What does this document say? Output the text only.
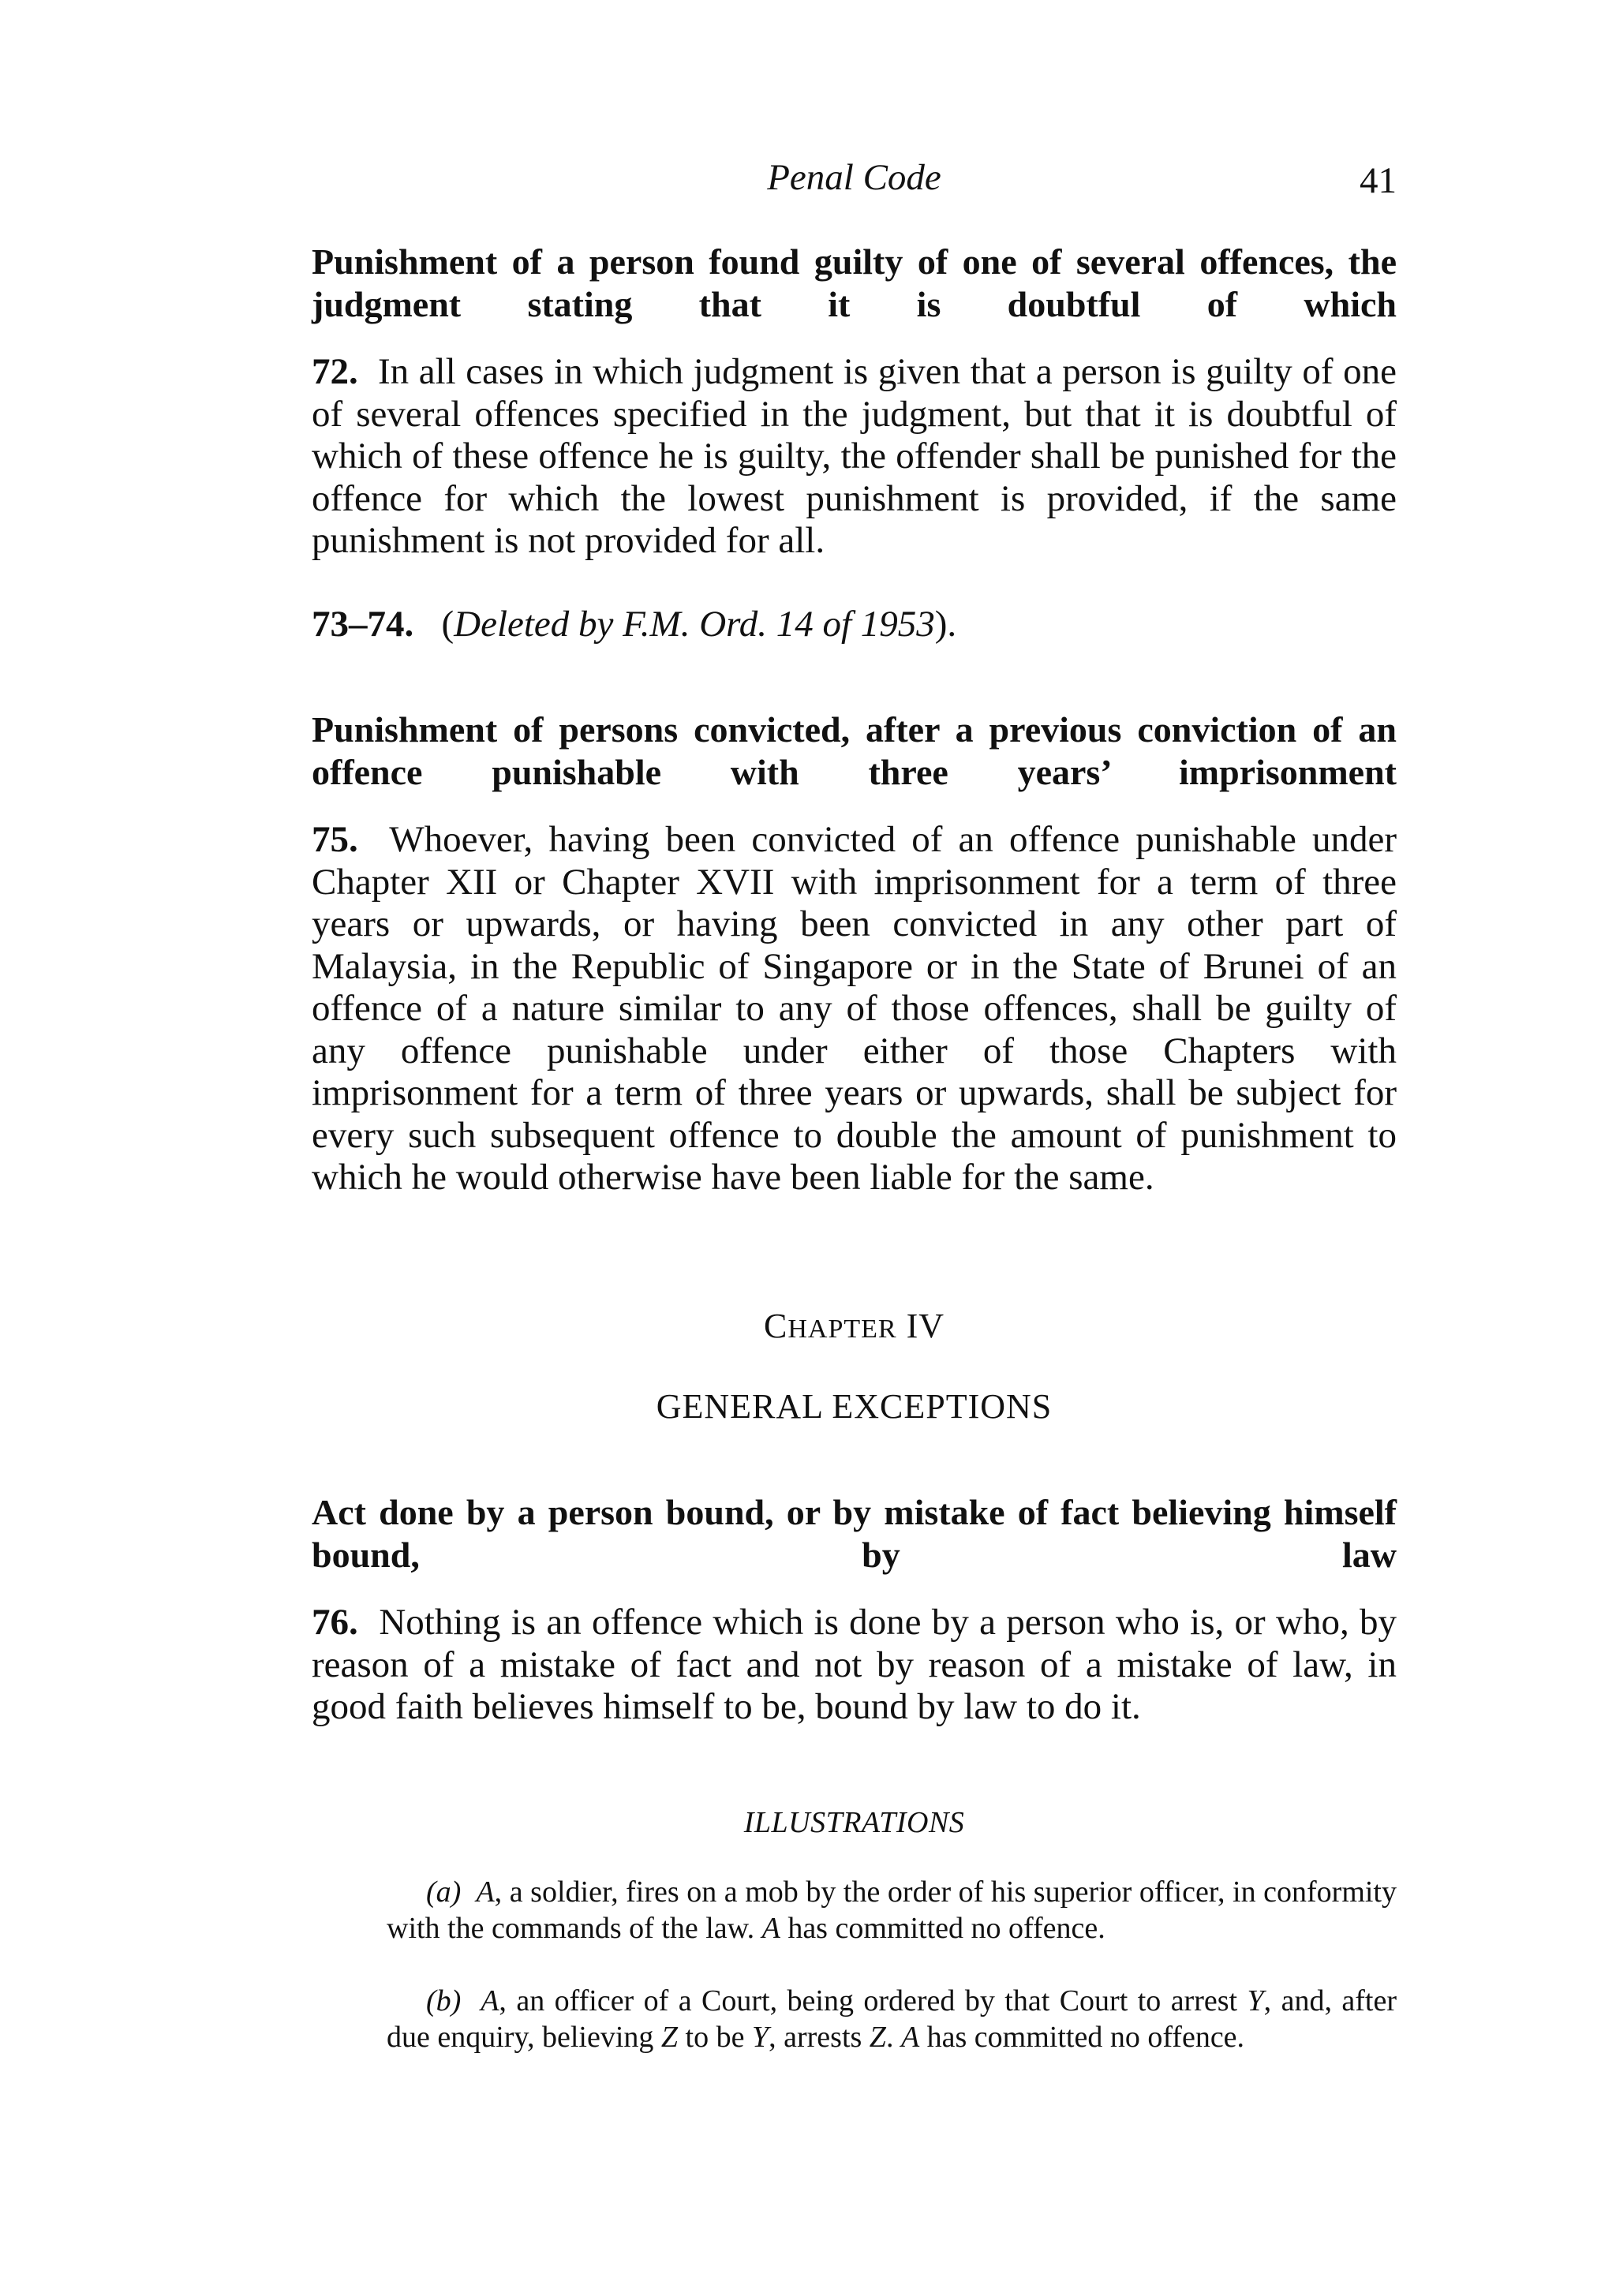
Penal Code	41
Punishment of a person found guilty of one of several offences, the judgment stating that it is doubtful of which

72. In all cases in which judgment is given that a person is guilty of one of several offences specified in the judgment, but that it is doubtful of which of these offence he is guilty, the offender shall be punished for the offence for which the lowest punishment is provided, if the same punishment is not provided for all.

73–74.   (Deleted by F.M. Ord. 14 of 1953).

Punishment of persons convicted, after a previous conviction of an offence punishable with three years’ imprisonment

75. Whoever, having been convicted of an offence punishable under Chapter XII or Chapter XVII with imprisonment for a term of three years or upwards, or having been convicted in any other part of Malaysia, in the Republic of Singapore or in the State of Brunei of an offence of a nature similar to any of those offences, shall be guilty of any offence punishable under either of those Chapters with imprisonment for a term of three years or upwards, shall be subject for every such subsequent offence to double the amount of punishment to which he would otherwise have been liable for the same.

CHAPTER IV
GENERAL EXCEPTIONS
Act done by a person bound, or by mistake of fact believing himself bound, by law

76. Nothing is an offence which is done by a person who is, or who, by reason of a mistake of fact and not by reason of a mistake of law, in good faith believes himself to be, bound by law to do it.

ILLUSTRATIONS

(a) A, a soldier, fires on a mob by the order of his superior officer, in conformity with the commands of the law. A has committed no offence.

(b) A, an officer of a Court, being ordered by that Court to arrest Y, and, after due enquiry, believing Z to be Y, arrests Z. A has committed no offence.
